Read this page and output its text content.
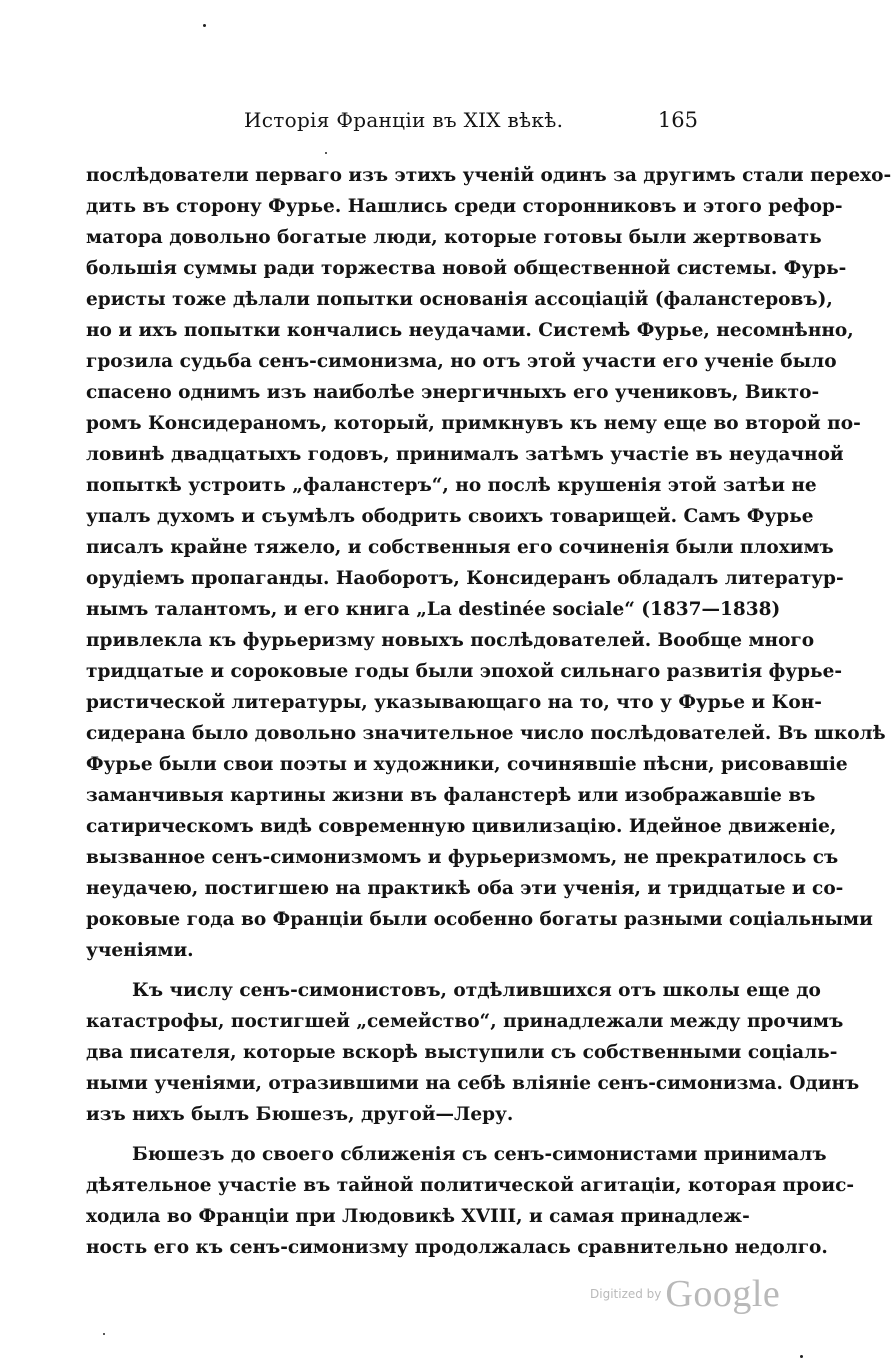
Исторія Франціи въ XIX вѣкѣ.	165
послѣдователи перваго изъ этихъ ученій одинъ за другимъ стали перехо-
дить въ сторону Фурье. Нашлись среди сторонниковъ и этого рефор-
матора довольно богатые люди, которые готовы были жертвовать
большія суммы ради торжества новой общественной системы. Фурь-
еристы тоже дѣлали попытки основанія ассоціацій (фаланстеровъ),
но и ихъ попытки кончались неудачами. Системѣ Фурье, несомнѣнно,
грозила судьба сенъ-симонизма, но отъ этой участи его ученіе было
спасено однимъ изъ наиболѣе энергичныхъ его учениковъ, Викто-
ромъ Консидераномъ, который, примкнувъ къ нему еще во второй по-
ловинѣ двадцатыхъ годовъ, принималъ затѣмъ участіе въ неудачной
попыткѣ устроить „фаланстеръ“, но послѣ крушенія этой затѣи не
упалъ духомъ и съумѣлъ ободрить своихъ товарищей. Самъ Фурье
писалъ крайне тяжело, и собственныя его сочиненія были плохимъ
орудіемъ пропаганды. Наоборотъ, Консидеранъ обладалъ литератур-
нымъ талантомъ, и его книга „La destinée sociale“ (1837—1838)
привлекла къ фурьеризму новыхъ послѣдователей. Вообще много
тридцатые и сороковые годы были эпохой сильнаго развитія фурье-
ристической литературы, указывающаго на то, что у Фурье и Кон-
сидерана было довольно значительное число послѣдователей. Въ школѣ
Фурье были свои поэты и художники, сочинявшіе пѣсни, рисовавшіе
заманчивыя картины жизни въ фаланстерѣ или изображавшіе въ
сатирическомъ видѣ современную цивилизацію. Идейное движеніе,
вызванное сенъ-симонизмомъ и фурьеризмомъ, не прекратилось съ
неудачею, постигшею на практикѣ оба эти ученія, и тридцатые и со-
роковые года во Франціи были особенно богаты разными соціальными
ученіями.
Къ числу сенъ-симонистовъ, отдѣлившихся отъ школы еще до
катастрофы, постигшей „семейство“, принадлежали между прочимъ
два писателя, которые вскорѣ выступили съ собственными соціаль-
ными ученіями, отразившими на себѣ вліяніе сенъ-симонизма. Одинъ
изъ нихъ былъ Бюшезъ, другой—Леру.
Бюшезъ до своего сближенія съ сенъ-симонистами принималъ
дѣятельное участіе въ тайной политической агитаціи, которая проис-
ходила во Франціи при Людовикѣ XVIII, и самая принадлеж-
ность его къ сенъ-симонизму продолжалась сравнительно недолго.
Digitized by Google
